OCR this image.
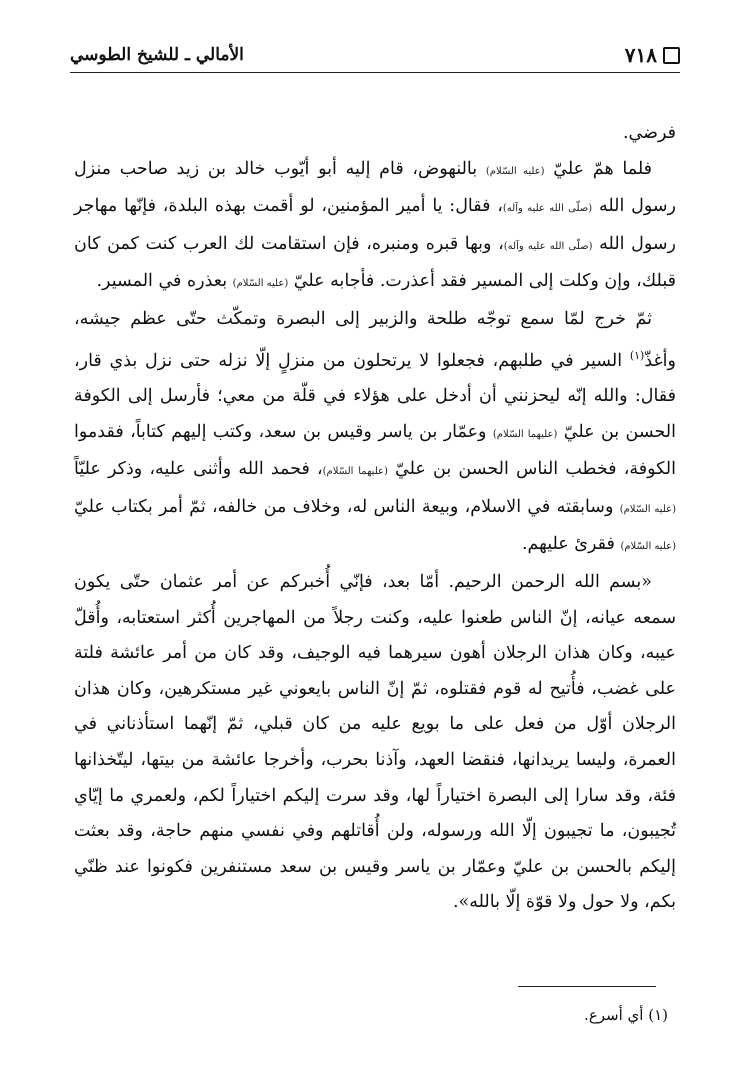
٧١٨
الأمالي ـ للشيخ الطوسي

فرضي.

فلما همّ عليّ (عليه السّلام) بالنهوض، قام إليه أبو أيّوب خالد بن زيد صاحب منزل رسول الله (صلّى الله عليه وآله)، فقال: يا أمير المؤمنين، لو أقمت بهذه البلدة، فإنّها مهاجر رسول الله (صلّى الله عليه وآله)، وبها قبره ومنبره، فإن استقامت لك العرب كنت كمن كان قبلك، وإن وكلت إلى المسير فقد أعذرت. فأجابه عليّ (عليه السّلام) بعذره في المسير.

ثمّ خرج لمّا سمع توجّه طلحة والزبير إلى البصرة وتمكّث حتّى عظم جيشه، وأغذّ$^{(١)}$ السير في طلبهم، فجعلوا لا يرتحلون من منزلٍ إلّا نزله حتى نزل بذي قار، فقال: والله إنّه ليحزنني أن أدخل على هؤلاء في قلّة من معي؛ فأرسل إلى الكوفة الحسن بن عليّ (عليهما السّلام) وعمّار بن ياسر وقيس بن سعد، وكتب إليهم كتاباً، فقدموا الكوفة، فخطب الناس الحسن بن عليّ (عليهما السّلام)، فحمد الله وأثنى عليه، وذكر عليّاً (عليه السّلام) وسابقته في الاسلام، وبيعة الناس له، وخلاف من خالفه، ثمّ أمر بكتاب عليّ (عليه السّلام) فقرئ عليهم.

«بسم الله الرحمن الرحيم. أمّا بعد، فإنّي أُخبركم عن أمر عثمان حتّى يكون سمعه عيانه، إنّ الناس طعنوا عليه، وكنت رجلاً من المهاجرين أُكثر استعتابه، وأُقلّ عيبه، وكان هذان الرجلان أهون سيرهما فيه الوجيف، وقد كان من أمر عائشة فلتة على غضب، فأُتيح له قوم فقتلوه، ثمّ إنّ الناس بايعوني غير مستكرهين، وكان هذان الرجلان أوّل من فعل على ما بويع عليه من كان قبلي، ثمّ إنّهما استأذناني في العمرة، وليسا يريدانها، فنقضا العهد، وآذنا بحرب، وأخرجا عائشة من بيتها، ليتّخذانها فئة، وقد سارا إلى البصرة اختياراً لها، وقد سرت إليكم اختياراً لكم، ولعمري ما إيّاي تُجيبون، ما تجيبون إلّا الله ورسوله، ولن أُقاتلهم وفي نفسي منهم حاجة، وقد بعثت إليكم بالحسن بن عليّ وعمّار بن ياسر وقيس بن سعد مستنفرين فكونوا عند ظنّي بكم، ولا حول ولا قوّة إلّا بالله».

(١) أي أسرع.
